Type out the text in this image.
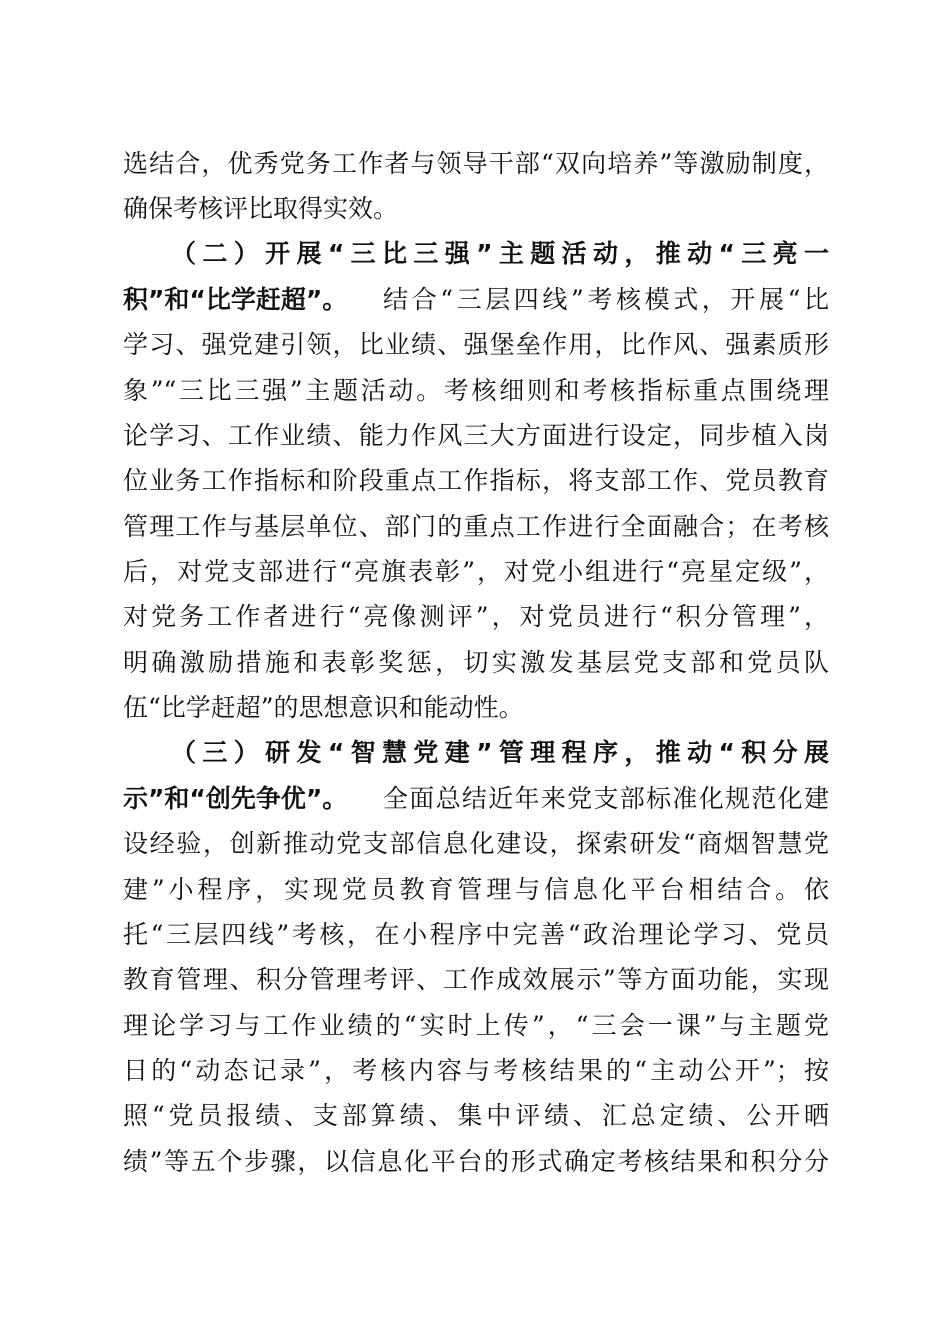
选结合，优秀党务工作者与领导干部“双向培养”等激励制度，
确保考核评比取得实效。
（二）开展“三比三强”主题活动，推动“三亮一
积”和“比学赶超”。	结合“三层四线”考核模式，开展“比
学习、强党建引领，比业绩、强堡垒作用，比作风、强素质形
象”“三比三强”主题活动。考核细则和考核指标重点围绕理
论学习、工作业绩、能力作风三大方面进行设定，同步植入岗
位业务工作指标和阶段重点工作指标，将支部工作、党员教育
管理工作与基层单位、部门的重点工作进行全面融合；在考核
后，对党支部进行“亮旗表彰”，对党小组进行“亮星定级”，
对党务工作者进行“亮像测评”，对党员进行“积分管理”，
明确激励措施和表彰奖惩，切实激发基层党支部和党员队
伍“比学赶超”的思想意识和能动性。
（三）研发“智慧党建”管理程序，推动“积分展
示”和“创先争优”。	全面总结近年来党支部标准化规范化建
设经验，创新推动党支部信息化建设，探索研发“商烟智慧党
建”小程序，实现党员教育管理与信息化平台相结合。依
托“三层四线”考核，在小程序中完善“政治理论学习、党员
教育管理、积分管理考评、工作成效展示”等方面功能，实现
理论学习与工作业绩的“实时上传”，“三会一课”与主题党
日的“动态记录”，考核内容与考核结果的“主动公开”；按
照“党员报绩、支部算绩、集中评绩、汇总定绩、公开晒
绩”等五个步骤，以信息化平台的形式确定考核结果和积分分
